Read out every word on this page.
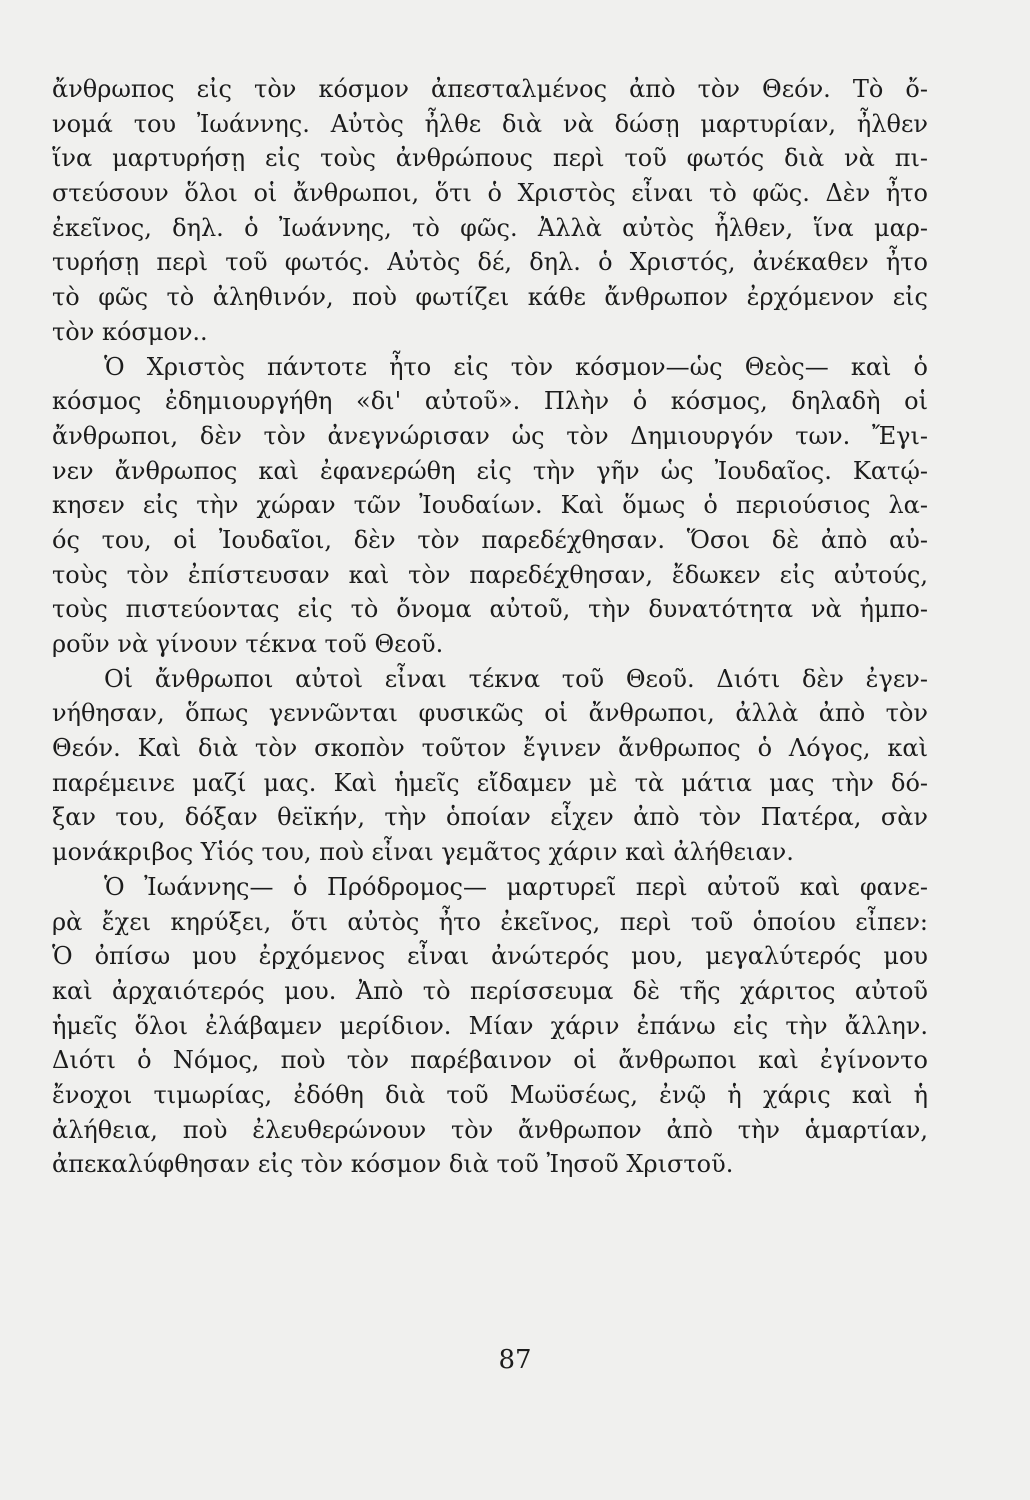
ἄνθρωπος εἰς τὸν κόσμον ἀπεσταλμένος ἀπὸ τὸν Θεόν. Τὸ ὄ-
νομά του Ἰωάννης. Αὐτὸς ἦλθε διὰ νὰ δώσῃ μαρτυρίαν, ἦλθεν
ἵνα μαρτυρήσῃ εἰς τοὺς ἀνθρώπους περὶ τοῦ φωτός διὰ νὰ πι-
στεύσουν ὅλοι οἱ ἄνθρωποι, ὅτι ὁ Χριστὸς εἶναι τὸ φῶς. Δὲν ἦτο
ἐκεῖνος, δηλ. ὁ Ἰωάννης, τὸ φῶς. Ἀλλὰ αὐτὸς ἦλθεν, ἵνα μαρ-
τυρήσῃ περὶ τοῦ φωτός. Αὐτὸς δέ, δηλ. ὁ Χριστός, ἀνέκαθεν ἦτο
τὸ φῶς τὸ ἀληθινόν, ποὺ φωτίζει κάθε ἄνθρωπον ἐρχόμενον εἰς
τὸν κόσμον..
Ὁ Χριστὸς πάντοτε ἦτο εἰς τὸν κόσμον—ὡς Θεὸς— καὶ ὁ
κόσμος ἐδημιουργήθη «δι' αὐτοῦ». Πλὴν ὁ κόσμος, δηλαδὴ οἱ
ἄνθρωποι, δὲν τὸν ἀνεγνώρισαν ὡς τὸν Δημιουργόν των. Ἔγι-
νεν ἄνθρωπος καὶ ἐφανερώθη εἰς τὴν γῆν ὡς Ἰουδαῖος. Κατῴ-
κησεν εἰς τὴν χώραν τῶν Ἰουδαίων. Καὶ ὅμως ὁ περιούσιος λα-
ός του, οἱ Ἰουδαῖοι, δὲν τὸν παρεδέχθησαν. Ὅσοι δὲ ἀπὸ αὐ-
τοὺς τὸν ἐπίστευσαν καὶ τὸν παρεδέχθησαν, ἔδωκεν εἰς αὐτούς,
τοὺς πιστεύοντας εἰς τὸ ὄνομα αὐτοῦ, τὴν δυνατότητα νὰ ἠμπο-
ροῦν νὰ γίνουν τέκνα τοῦ Θεοῦ.
Οἱ ἄνθρωποι αὐτοὶ εἶναι τέκνα τοῦ Θεοῦ. Διότι δὲν ἐγεν-
νήθησαν, ὅπως γεννῶνται φυσικῶς οἱ ἄνθρωποι, ἀλλὰ ἀπὸ τὸν
Θεόν. Καὶ διὰ τὸν σκοπὸν τοῦτον ἔγινεν ἄνθρωπος ὁ Λόγος, καὶ
παρέμεινε μαζί μας. Καὶ ἡμεῖς εἴδαμεν μὲ τὰ μάτια μας τὴν δό-
ξαν του, δόξαν θεϊκήν, τὴν ὁποίαν εἶχεν ἀπὸ τὸν Πατέρα, σὰν
μονάκριβος Υἱός του, ποὺ εἶναι γεμᾶτος χάριν καὶ ἀλήθειαν.
Ὁ Ἰωάννης— ὁ Πρόδρομος— μαρτυρεῖ περὶ αὐτοῦ καὶ φανε-
ρὰ ἔχει κηρύξει, ὅτι αὐτὸς ἦτο ἐκεῖνος, περὶ τοῦ ὁποίου εἶπεν:
Ὁ ὀπίσω μου ἐρχόμενος εἶναι ἀνώτερός μου, μεγαλύτερός μου
καὶ ἀρχαιότερός μου. Ἀπὸ τὸ περίσσευμα δὲ τῆς χάριτος αὐτοῦ
ἡμεῖς ὅλοι ἐλάβαμεν μερίδιον. Μίαν χάριν ἐπάνω εἰς τὴν ἄλλην.
Διότι ὁ Νόμος, ποὺ τὸν παρέβαινον οἱ ἄνθρωποι καὶ ἐγίνοντο
ἔνοχοι τιμωρίας, ἐδόθη διὰ τοῦ Μωϋσέως, ἐνῷ ἡ χάρις καὶ ἡ
ἀλήθεια, ποὺ ἐλευθερώνουν τὸν ἄνθρωπον ἀπὸ τὴν ἁμαρτίαν,
ἀπεκαλύφθησαν εἰς τὸν κόσμον διὰ τοῦ Ἰησοῦ Χριστοῦ.
87
